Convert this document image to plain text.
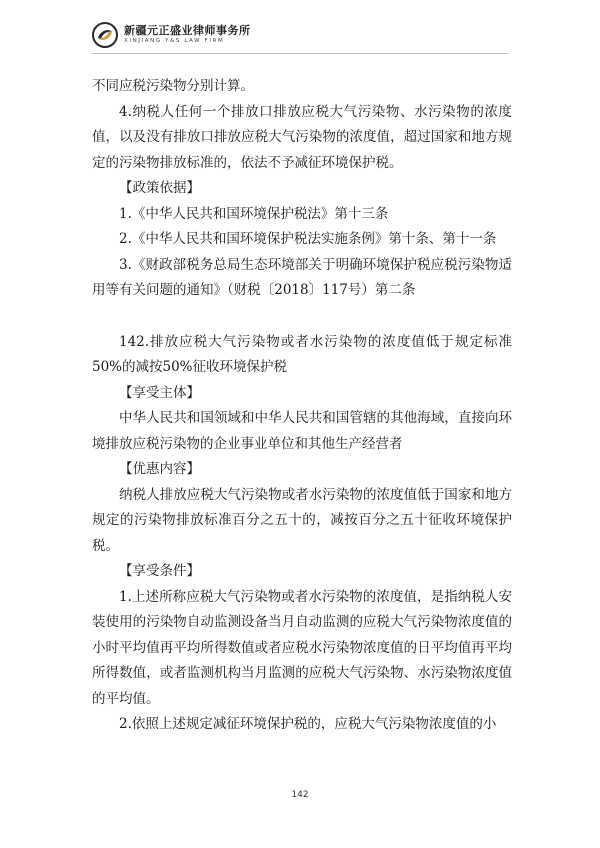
新疆元正盛业律师事务所
XINJIANG Y&S LAW FIRM

不同应税污染物分别计算。

4.纳税人任何一个排放口排放应税大气污染物、水污染物的浓度值，以及没有排放口排放应税大气污染物的浓度值，超过国家和地方规定的污染物排放标准的，依法不予减征环境保护税。

【政策依据】

1.《中华人民共和国环境保护税法》第十三条

2.《中华人民共和国环境保护税法实施条例》第十条、第十一条

3.《财政部税务总局生态环境部关于明确环境保护税应税污染物适用等有关问题的通知》（财税〔2018〕117号）第二条

142.排放应税大气污染物或者水污染物的浓度值低于规定标准50%的减按50%征收环境保护税

【享受主体】

中华人民共和国领域和中华人民共和国管辖的其他海域，直接向环境排放应税污染物的企业事业单位和其他生产经营者

【优惠内容】

纳税人排放应税大气污染物或者水污染物的浓度值低于国家和地方规定的污染物排放标准百分之五十的，减按百分之五十征收环境保护税。

【享受条件】

1.上述所称应税大气污染物或者水污染物的浓度值，是指纳税人安装使用的污染物自动监测设备当月自动监测的应税大气污染物浓度值的小时平均值再平均所得数值或者应税水污染物浓度值的日平均值再平均所得数值，或者监测机构当月监测的应税大气污染物、水污染物浓度值的平均值。

2.依照上述规定减征环境保护税的，应税大气污染物浓度值的小

142
